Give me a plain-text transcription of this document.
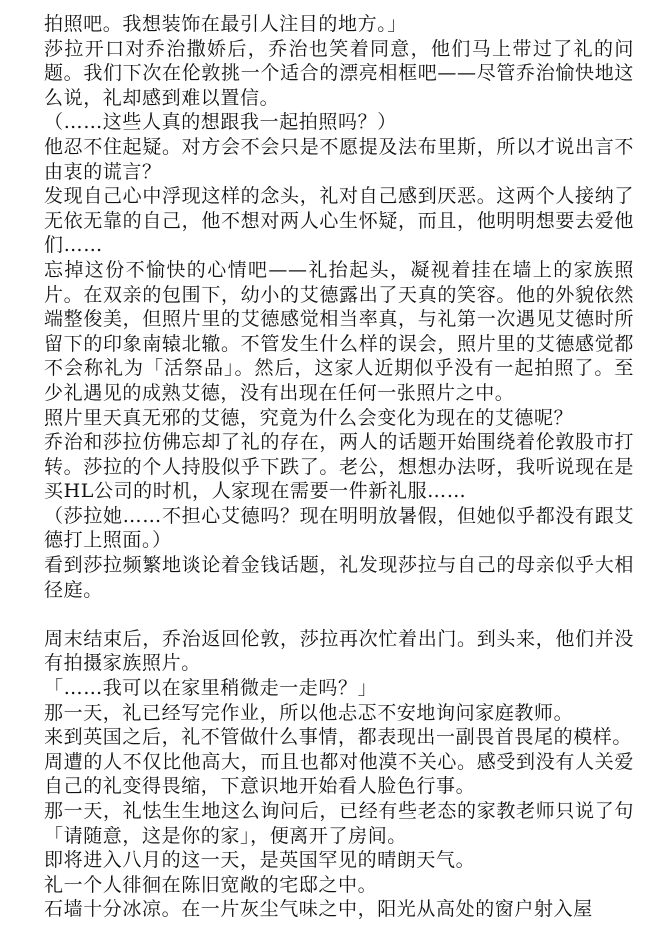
拍照吧。我想装饰在最引人注目的地方。」

莎拉开口对乔治撒娇后，乔治也笑着同意，他们马上带过了礼的问题。我们下次在伦敦挑一个适合的漂亮相框吧——尽管乔治愉快地这么说，礼却感到难以置信。

（……这些人真的想跟我一起拍照吗？）

他忍不住起疑。对方会不会只是不愿提及法布里斯，所以才说出言不由衷的谎言？

发现自己心中浮现这样的念头，礼对自己感到厌恶。这两个人接纳了无依无靠的自己，他不想对两人心生怀疑，而且，他明明想要去爱他们……

忘掉这份不愉快的心情吧——礼抬起头，凝视着挂在墙上的家族照片。在双亲的包围下，幼小的艾德露出了天真的笑容。他的外貌依然端整俊美，但照片里的艾德感觉相当率真，与礼第一次遇见艾德时所留下的印象南辕北辙。不管发生什么样的误会，照片里的艾德感觉都不会称礼为「活祭品」。然后，这家人近期似乎没有一起拍照了。至少礼遇见的成熟艾德，没有出现在任何一张照片之中。

照片里天真无邪的艾德，究竟为什么会变化为现在的艾德呢？

乔治和莎拉仿佛忘却了礼的存在，两人的话题开始围绕着伦敦股市打转。莎拉的个人持股似乎下跌了。老公，想想办法呀，我听说现在是买HL公司的时机，人家现在需要一件新礼服……

（莎拉她……不担心艾德吗？现在明明放暑假，但她似乎都没有跟艾德打上照面。）

看到莎拉频繁地谈论着金钱话题，礼发现莎拉与自己的母亲似乎大相径庭。

周末结束后，乔治返回伦敦，莎拉再次忙着出门。到头来，他们并没有拍摄家族照片。

「……我可以在家里稍微走一走吗？」

那一天，礼已经写完作业，所以他忐忑不安地询问家庭教师。

来到英国之后，礼不管做什么事情，都表现出一副畏首畏尾的模样。

周遭的人不仅比他高大，而且也都对他漠不关心。感受到没有人关爱自己的礼变得畏缩，下意识地开始看人脸色行事。

那一天，礼怯生生地这么询问后，已经有些老态的家教老师只说了句「请随意，这是你的家」，便离开了房间。

即将进入八月的这一天，是英国罕见的晴朗天气。

礼一个人徘徊在陈旧宽敞的宅邸之中。

石墙十分冰凉。在一片灰尘气味之中，阳光从高处的窗户射入屋
